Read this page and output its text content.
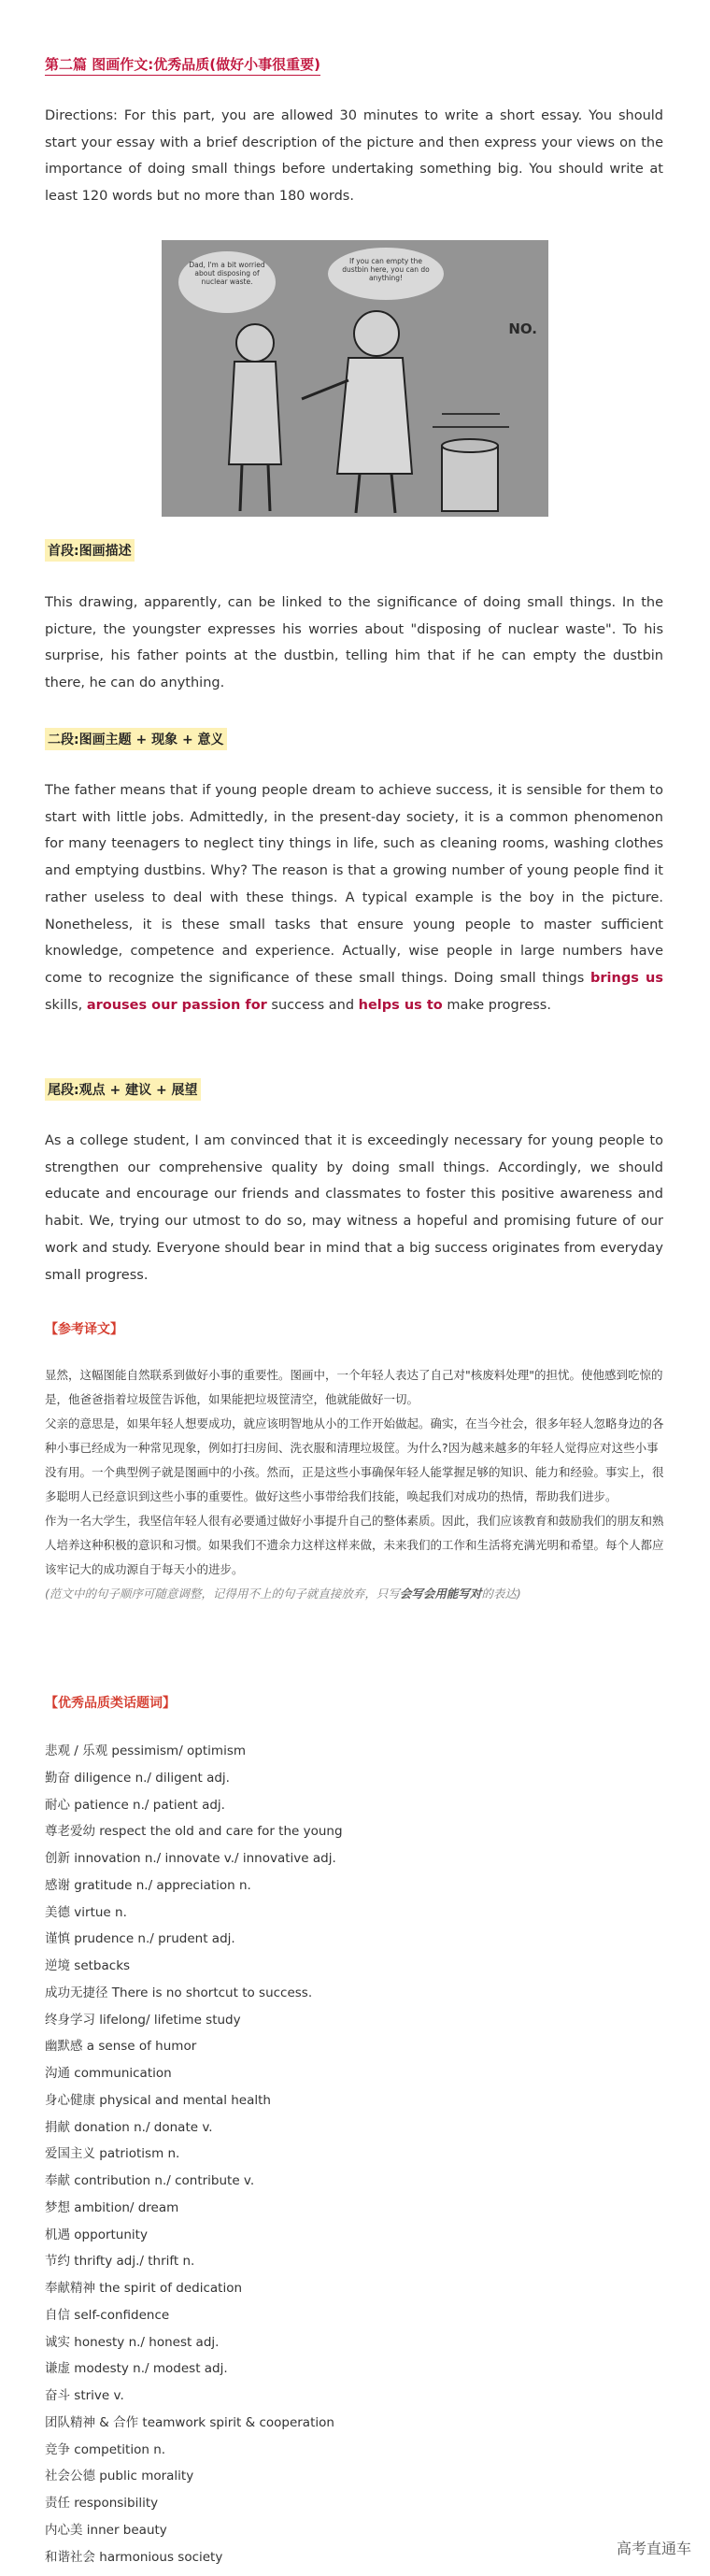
第二篇 图画作文:优秀品质(做好小事很重要)
Directions: For this part, you are allowed 30 minutes to write a short essay. You should start your essay with a brief description of the picture and then express your views on the importance of doing small things before undertaking something big. You should write at least 120 words but no more than 180 words.
Dad, I'm a bit worried about disposing of nuclear waste.
If you can empty the dustbin here, you can do anything!
NO.
首段:图画描述
This drawing, apparently, can be linked to the significance of doing small things. In the picture, the youngster expresses his worries about "disposing of nuclear waste". To his surprise, his father points at the dustbin, telling him that if he can empty the dustbin there, he can do anything.
二段:图画主题 + 现象 + 意义
The father means that if young people dream to achieve success, it is sensible for them to start with little jobs. Admittedly, in the present-day society, it is a common phenomenon for many teenagers to neglect tiny things in life, such as cleaning rooms, washing clothes and emptying dustbins. Why? The reason is that a growing number of young people find it rather useless to deal with these things. A typical example is the boy in the picture. Nonetheless, it is these small tasks that ensure young people to master sufficient knowledge, competence and experience. Actually, wise people in large numbers have come to recognize the significance of these small things. Doing small things brings us skills, arouses our passion for success and helps us to make progress.
尾段:观点 + 建议 + 展望
As a college student, I am convinced that it is exceedingly necessary for young people to strengthen our comprehensive quality by doing small things. Accordingly, we should educate and encourage our friends and classmates to foster this positive awareness and habit. We, trying our utmost to do so, may witness a hopeful and promising future of our work and study. Everyone should bear in mind that a big success originates from everyday small progress.
【参考译文】
显然，这幅图能自然联系到做好小事的重要性。图画中，一个年轻人表达了自己对"核废料处理"的担忧。使他感到吃惊的是，他爸爸指着垃圾筐告诉他，如果能把垃圾筐清空，他就能做好一切。
父亲的意思是，如果年轻人想要成功，就应该明智地从小的工作开始做起。确实，在当今社会，很多年轻人忽略身边的各种小事已经成为一种常见现象，例如打扫房间、洗衣服和清理垃圾筐。为什么?因为越来越多的年轻人觉得应对这些小事没有用。一个典型例子就是图画中的小孩。然而，正是这些小事确保年轻人能掌握足够的知识、能力和经验。事实上，很多聪明人已经意识到这些小事的重要性。做好这些小事带给我们技能，唤起我们对成功的热情，帮助我们进步。
作为一名大学生，我坚信年轻人很有必要通过做好小事提升自己的整体素质。因此，我们应该教育和鼓励我们的朋友和熟人培养这种积极的意识和习惯。如果我们不遗余力这样这样来做，未来我们的工作和生活将充满光明和希望。每个人都应该牢记大的成功源自于每天小的进步。
(范文中的句子顺序可随意调整，记得用不上的句子就直接放弃，只写会写会用能写对的表达)
【优秀品质类话题词】
悲观 / 乐观 pessimism/ optimism
勤奋 diligence n./ diligent adj.
耐心 patience n./ patient adj.
尊老爱幼 respect the old and care for the young
创新 innovation n./ innovate v./ innovative adj.
感谢 gratitude n./ appreciation n.
美德 virtue n.
谨慎 prudence n./ prudent adj.
逆境 setbacks
成功无捷径 There is no shortcut to success.
终身学习 lifelong/ lifetime study
幽默感 a sense of humor
沟通 communication
身心健康 physical and mental health
捐献 donation n./ donate v.
爱国主义 patriotism n.
奉献 contribution n./ contribute v.
梦想 ambition/ dream
机遇 opportunity
节约 thrifty adj./ thrift n.
奉献精神 the spirit of dedication
自信 self-confidence
诚实 honesty n./ honest adj.
谦虚 modesty n./ modest adj.
奋斗 strive v.
团队精神 & 合作 teamwork spirit & cooperation
竞争 competition n.
社会公德 public morality
责任 responsibility
内心美 inner beauty
和谐社会 harmonious society	高考直通车
